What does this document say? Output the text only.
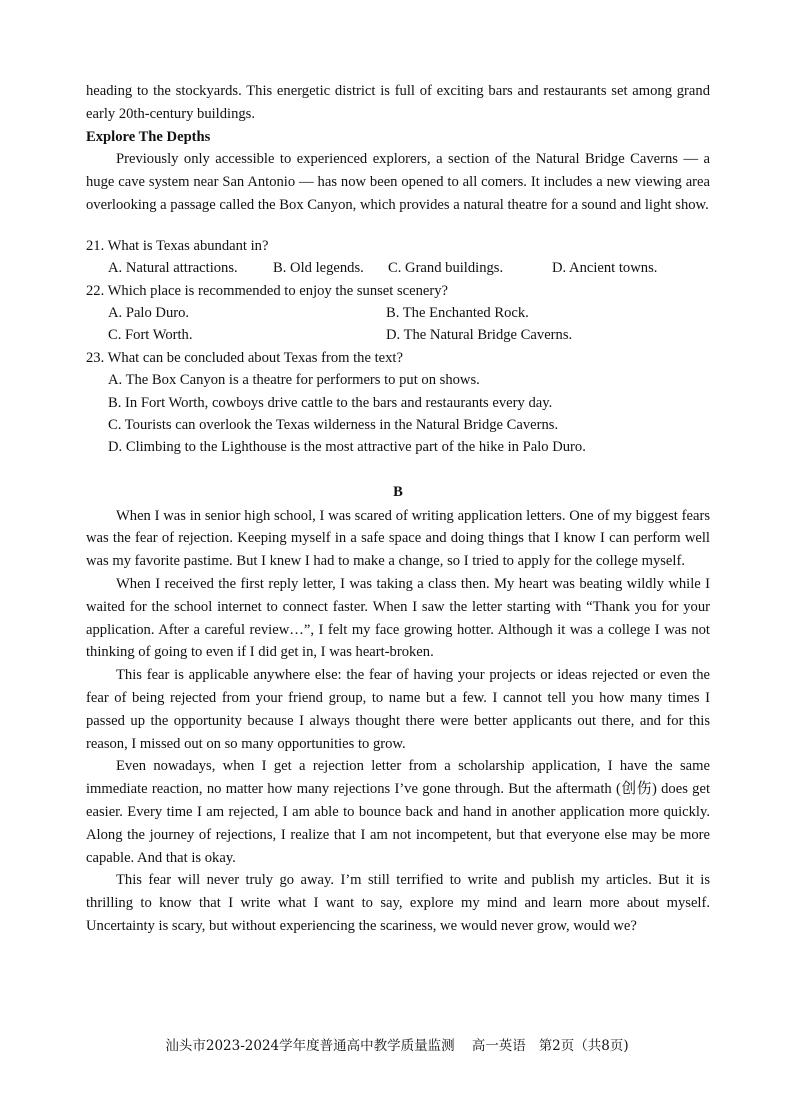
heading to the stockyards. This energetic district is full of exciting bars and restaurants set among grand early 20th-century buildings.

Explore The Depths

Previously only accessible to experienced explorers, a section of the Natural Bridge Caverns — a huge cave system near San Antonio — has now been opened to all comers. It includes a new viewing area overlooking a passage called the Box Canyon, which provides a natural theatre for a sound and light show.

21. What is Texas abundant in?
A. Natural attractions.	B. Old legends.	C. Grand buildings.	D. Ancient towns.
22. Which place is recommended to enjoy the sunset scenery?
A. Palo Duro.	B. The Enchanted Rock.
C. Fort Worth.	D. The Natural Bridge Caverns.
23. What can be concluded about Texas from the text?
A. The Box Canyon is a theatre for performers to put on shows.
B. In Fort Worth, cowboys drive cattle to the bars and restaurants every day.
C. Tourists can overlook the Texas wilderness in the Natural Bridge Caverns.
D. Climbing to the Lighthouse is the most attractive part of the hike in Palo Duro.
B

When I was in senior high school, I was scared of writing application letters. One of my biggest fears was the fear of rejection. Keeping myself in a safe space and doing things that I know I can perform well was my favorite pastime. But I knew I had to make a change, so I tried to apply for the college myself.

When I received the first reply letter, I was taking a class then. My heart was beating wildly while I waited for the school internet to connect faster. When I saw the letter starting with “Thank you for your application. After a careful review…”, I felt my face growing hotter. Although it was a college I was not thinking of going to even if I did get in, I was heart-broken.

This fear is applicable anywhere else: the fear of having your projects or ideas rejected or even the fear of being rejected from your friend group, to name but a few. I cannot tell you how many times I passed up the opportunity because I always thought there were better applicants out there, and for this reason, I missed out on so many opportunities to grow.

Even nowadays, when I get a rejection letter from a scholarship application, I have the same immediate reaction, no matter how many rejections I’ve gone through. But the aftermath (创伤) does get easier. Every time I am rejected, I am able to bounce back and hand in another application more quickly. Along the journey of rejections, I realize that I am not incompetent, but that everyone else may be more capable. And that is okay.

This fear will never truly go away. I’m still terrified to write and publish my articles. But it is thrilling to know that I write what I want to say, explore my mind and learn more about myself. Uncertainty is scary, but without experiencing the scariness, we would never grow, would we?

汕头市2023-2024学年度普通高中教学质量监测 高一英语 第2页（共8页)
